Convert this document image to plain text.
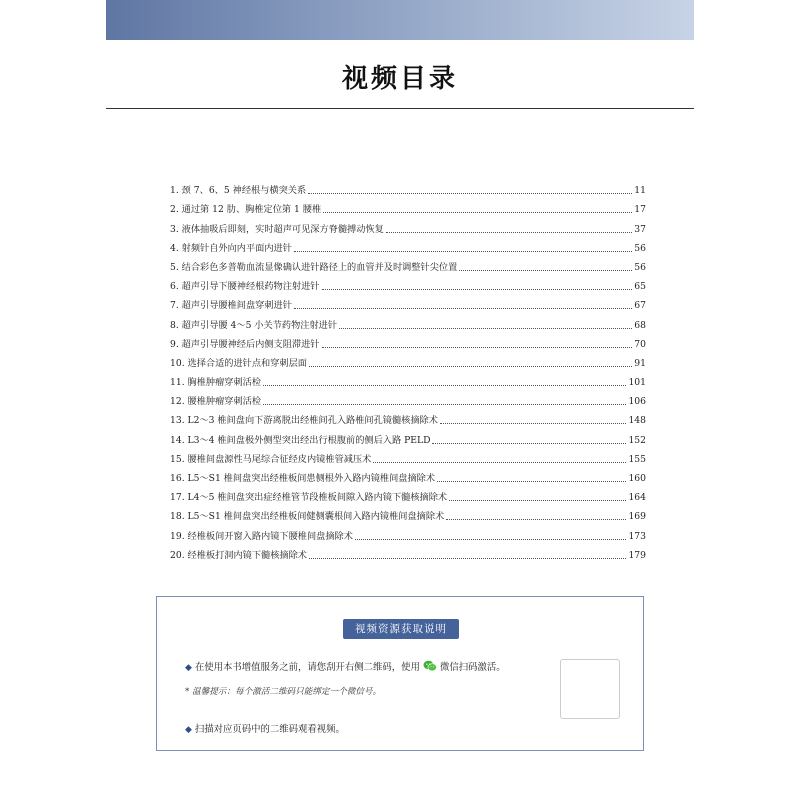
视频目录
1. 颈 7、6、5 神经根与横突关系	11
2. 通过第 12 肋、胸椎定位第 1 腰椎	17
3. 液体抽吸后即刻，实时超声可见深方脊髓搏动恢复	37
4. 射频针自外向内平面内进针	56
5. 结合彩色多普勒血流显像确认进针路径上的血管并及时调整针尖位置	56
6. 超声引导下腰神经根药物注射进针	65
7. 超声引导腰椎间盘穿刺进针	67
8. 超声引导腰 4～5 小关节药物注射进针	68
9. 超声引导腰神经后内侧支阻滞进针	70
10. 选择合适的进针点和穿刺层面	91
11. 胸椎肿瘤穿刺活检	101
12. 腰椎肿瘤穿刺活检	106
13. L2～3 椎间盘向下游离脱出经椎间孔入路椎间孔镜髓核摘除术	148
14. L3～4 椎间盘极外侧型突出经出行根腹前的侧后入路 PELD	152
15. 腰椎间盘源性马尾综合征经皮内镜椎管减压术	155
16. L5～S1 椎间盘突出经椎板间患侧根外入路内镜椎间盘摘除术	160
17. L4～5 椎间盘突出症经椎管节段椎板间隙入路内镜下髓核摘除术	164
18. L5～S1 椎间盘突出经椎板间健侧囊根间入路内镜椎间盘摘除术	169
19. 经椎板间开窗入路内镜下腰椎间盘摘除术	173
20. 经椎板打洞内镜下髓核摘除术	179
视频资源获取说明
◆ 在使用本书增值服务之前，请您刮开右侧二维码，使用 微信扫码激活。
* 温馨提示：每个激活二维码只能绑定一个微信号。
◆ 扫描对应页码中的二维码观看视频。
